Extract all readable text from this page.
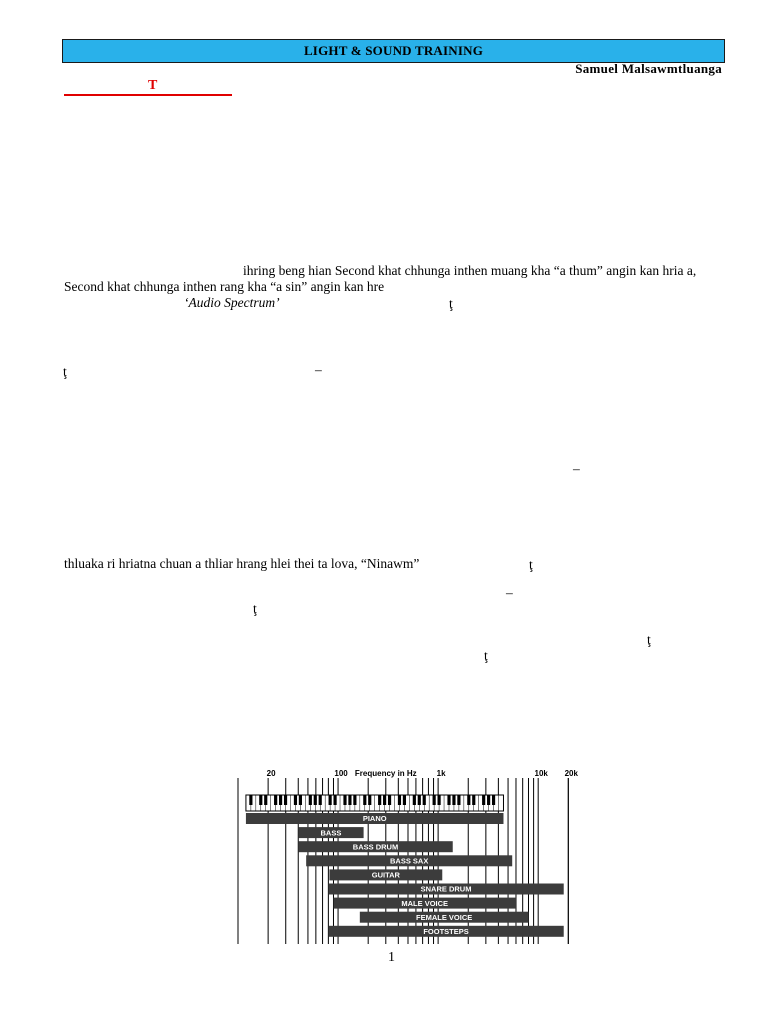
LIGHT & SOUND TRAINING
Samuel Malsawmtluanga
T
ihring beng hian Second khat chhunga inthen muang kha “a thum” angin kan hria a,
Second khat chhunga inthen rang kha “a sin” angin kan hre
‘Audio Spectrum’	ţ
ţ	–
–
thluaka ri hriatna chuan a thliar hrang hlei thei ta lova, “Ninawm”	ţ
–
ţ
ţ
ţ
20	100	1k	10k 20k
Frequency in Hz
PIANO
BASS
BASS DRUM
BASS SAX
GUITAR
SNARE DRUM
MALE VOICE
FEMALE VOICE
FOOTSTEPS
1
